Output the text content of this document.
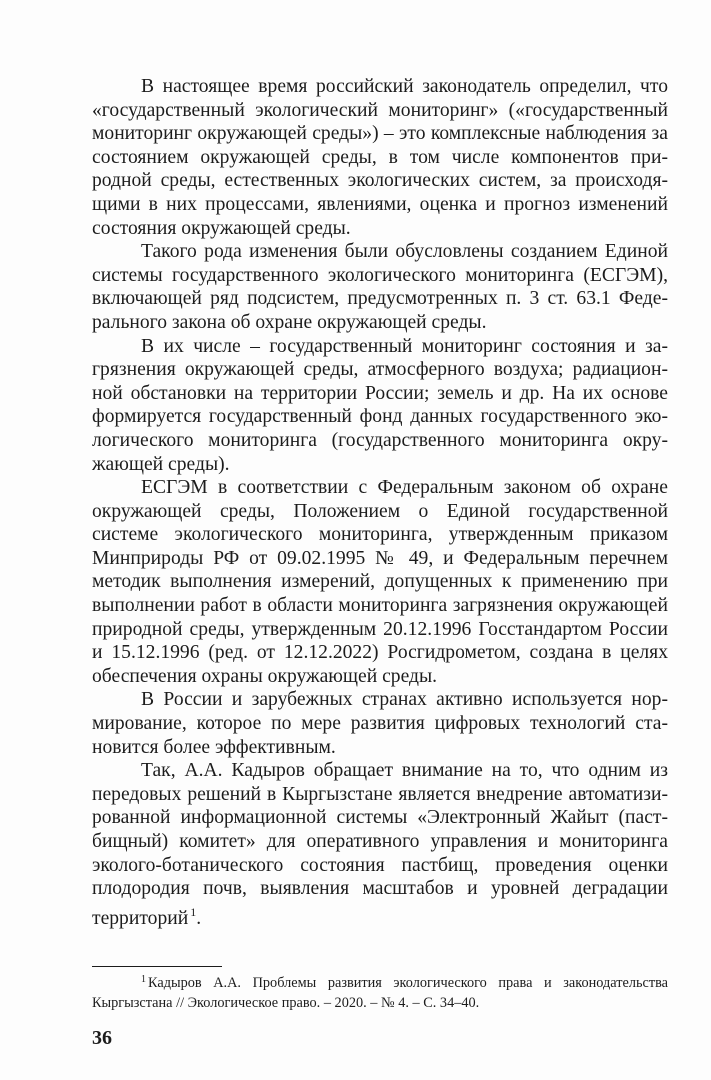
В настоящее время российский законодатель определил, что «государственный экологический мониторинг» («государственный мониторинг окружающей среды») – это комплексные наблюдения за состоянием окружающей среды, в том числе компонентов природной среды, естественных экологических систем, за происходящими в них процессами, явлениями, оценка и прогноз изменений состояния окружающей среды.

Такого рода изменения были обусловлены созданием Единой системы государственного экологического мониторинга (ЕСГЭМ), включающей ряд подсистем, предусмотренных п. 3 ст. 63.1 Федерального закона об охране окружающей среды.

В их числе – государственный мониторинг состояния и загрязнения окружающей среды, атмосферного воздуха; радиационной обстановки на территории России; земель и др. На их основе формируется государственный фонд данных государственного экологического мониторинга (государственного мониторинга окружающей среды).

ЕСГЭМ в соответствии с Федеральным законом об охране окружающей среды, Положением о Единой государственной системе экологического мониторинга, утвержденным приказом Минприроды РФ от 09.02.1995 № 49, и Федеральным перечнем методик выполнения измерений, допущенных к применению при выполнении работ в области мониторинга загрязнения окружающей природной среды, утвержденным 20.12.1996 Госстандартом России и 15.12.1996 (ред. от 12.12.2022) Росгидрометом, создана в целях обеспечения охраны окружающей среды.

В России и зарубежных странах активно используется нормирование, которое по мере развития цифровых технологий становится более эффективным.

Так, А.А. Кадыров обращает внимание на то, что одним из передовых решений в Кыргызстане является внедрение автоматизированной информационной системы «Электронный Жайыт (пастбищный) комитет» для оперативного управления и мониторинга эколого-ботанического состояния пастбищ, проведения оценки плодородия почв, выявления масштабов и уровней деградации территорий $^1$.

$^1$ Кадыров А.А. Проблемы развития экологического права и законодательства Кыргызстана // Экологическое право. – 2020. – № 4. – С. 34–40.
36
